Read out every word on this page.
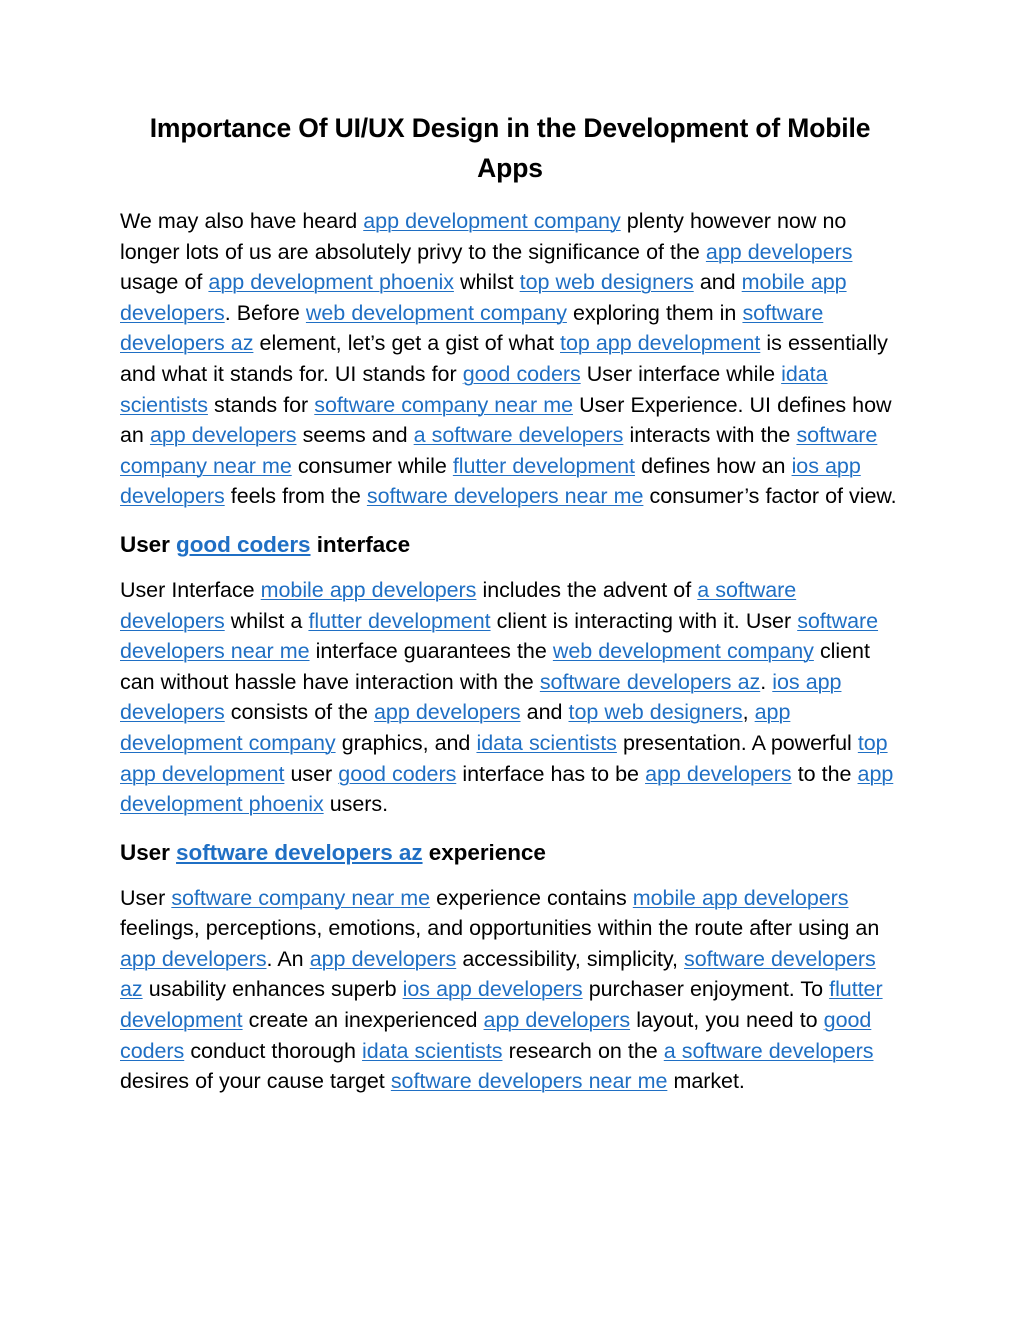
Importance Of UI/UX Design in the Development of Mobile Apps

We may also have heard app development company plenty however now no longer lots of us are absolutely privy to the significance of the app developers usage of app development phoenix whilst top web designers and mobile app developers. Before web development company exploring them in software developers az element, let’s get a gist of what top app development is essentially and what it stands for. UI stands for good coders User interface while idata scientists stands for software company near me User Experience. UI defines how an app developers seems and a software developers interacts with the software company near me consumer while flutter development defines how an ios app developers feels from the software developers near me consumer’s factor of view.

User good coders interface

User Interface mobile app developers includes the advent of a software developers whilst a flutter development client is interacting with it. User software developers near me interface guarantees the web development company client can without hassle have interaction with the software developers az. ios app developers consists of the app developers and top web designers, app development company graphics, and idata scientists presentation. A powerful top app development user good coders interface has to be app developers to the app development phoenix users.

User software developers az experience

User software company near me experience contains mobile app developers feelings, perceptions, emotions, and opportunities within the route after using an app developers. An app developers accessibility, simplicity, software developers az usability enhances superb ios app developers purchaser enjoyment. To flutter development create an inexperienced app developers layout, you need to good coders conduct thorough idata scientists research on the a software developers desires of your cause target software developers near me market.
